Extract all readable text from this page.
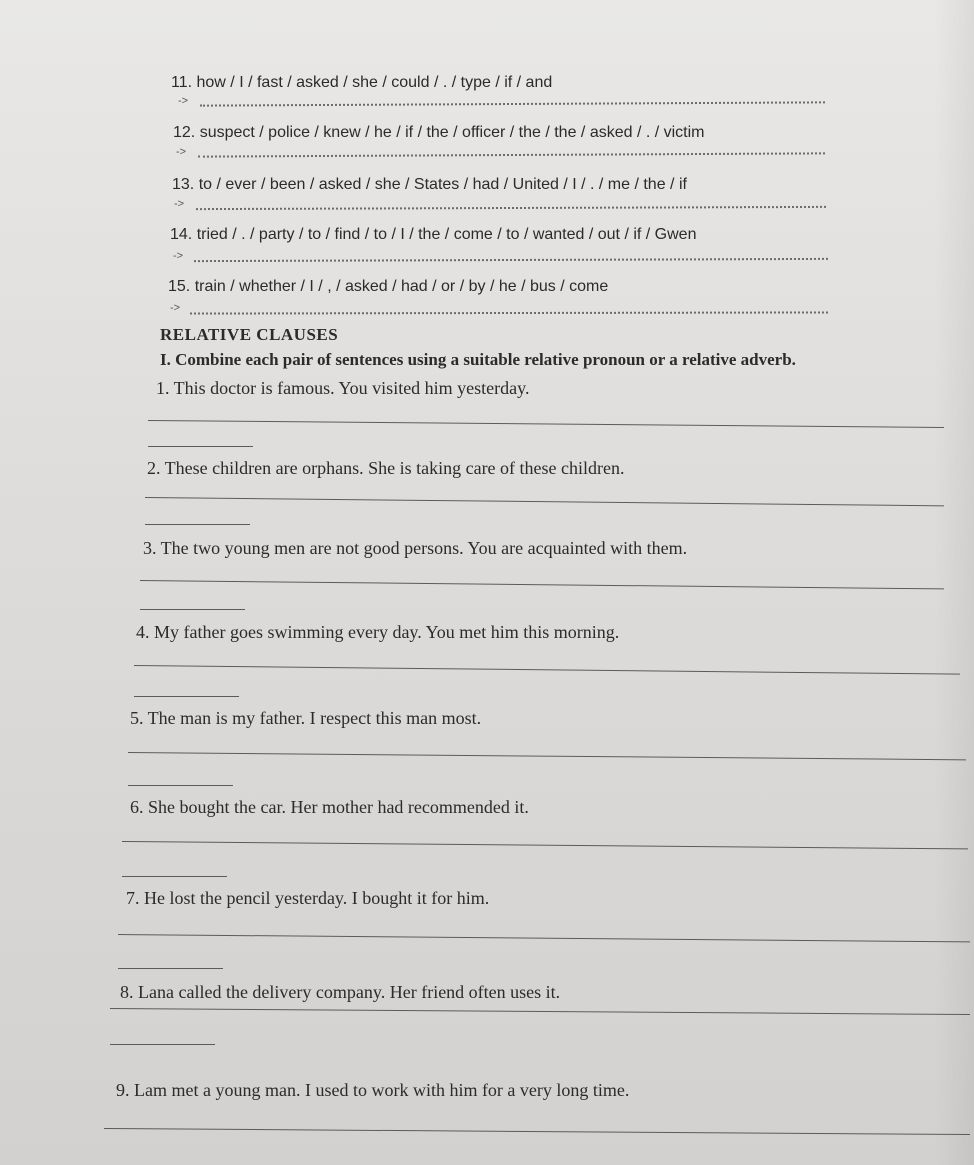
11. how / I / fast / asked / she / could / . / type / if / and
->
12. suspect / police / knew / he / if / the / officer / the / the / asked / . / victim
->
13. to / ever / been / asked / she / States / had / United / I / . / me / the / if
->
14. tried / . / party / to / find / to / I / the / come / to / wanted / out / if / Gwen
->
15. train / whether / I / , / asked / had / or / by / he / bus / come
->
RELATIVE CLAUSES
I. Combine each pair of sentences using a suitable relative pronoun or a relative adverb.
1. This doctor is famous. You visited him yesterday.
2. These children are orphans. She is taking care of these children.
3. The two young men are not good persons. You are acquainted with them.
4. My father goes swimming every day. You met him this morning.
5. The man is my father. I respect this man most.
6. She bought the car. Her mother had recommended it.
7. He lost the pencil yesterday. I bought it for him.
8. Lana called the delivery company. Her friend often uses it.
9. Lam met a young man. I used to work with him for a very long time.
